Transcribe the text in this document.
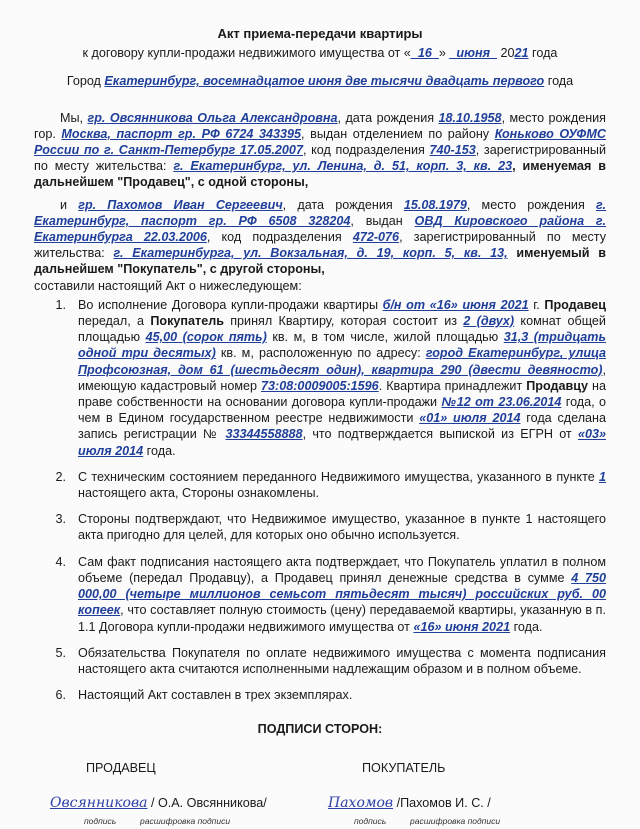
Акт приема-передачи квартиры

к договору купли-продажи недвижимого имущества от «_16_» _июня_ 2021 года

Город Екатеринбург, восемнадцатое июня две тысячи двадцать первого года

Мы, гр. Овсянникова Ольга Александровна, дата рождения 18.10.1958, место рождения гор. Москва, паспорт гр. РФ 6724 343395, выдан отделением по району Коньково ОУФМС России по г. Санкт-Петербург 17.05.2007, код подразделения 740-153, зарегистрированный по месту жительства: г. Екатеринбург, ул. Ленина, д. 51, корп. 3, кв. 23, именуемая в дальнейшем "Продавец", с одной стороны,

и гр. Пахомов Иван Сергеевич, дата рождения 15.08.1979, место рождения г. Екатеринбург, паспорт гр. РФ 6508 328204, выдан ОВД Кировского района г. Екатеринбурга 22.03.2006, код подразделения 472-076, зарегистрированный по месту жительства: г. Екатеринбурга, ул. Вокзальная, д. 19, корп. 5, кв. 13, именуемый в дальнейшем "Покупатель", с другой стороны,
составили настоящий Акт о нижеследующем:

1. Во исполнение Договора купли-продажи квартиры б/н от «16» июня 2021 г. Продавец передал, а Покупатель принял Квартиру, которая состоит из 2 (двух) комнат общей площадью 45,00 (сорок пять) кв. м, в том числе, жилой площадью 31,3 (тридцать одной три десятых) кв. м, расположенную по адресу: город Екатеринбург, улица Профсоюзная, дом 61 (шестьдесят один), квартира 290 (двести девяносто), имеющую кадастровый номер 73:08:0009005:1596. Квартира принадлежит Продавцу на праве собственности на основании договора купли-продажи №12 от 23.06.2014 года, о чем в Едином государственном реестре недвижимости «01» июля 2014 года сделана запись регистрации № 33344558888, что подтверждается выпиской из ЕГРН от «03» июля 2014 года.
2. С техническим состоянием переданного Недвижимого имущества, указанного в пункте 1 настоящего акта, Стороны ознакомлены.
3. Стороны подтверждают, что Недвижимое имущество, указанное в пункте 1 настоящего акта пригодно для целей, для которых оно обычно используется.
4. Сам факт подписания настоящего акта подтверждает, что Покупатель уплатил в полном объеме (передал Продавцу), а Продавец принял денежные средства в сумме 4 750 000,00 (четыре миллионов семьсот пятьдесят тысяч) российских руб. 00 копеек, что составляет полную стоимость (цену) передаваемой квартиры, указанную в п. 1.1 Договора купли-продажи недвижимого имущества от «16» июня 2021 года.
5. Обязательства Покупателя по оплате недвижимого имущества с момента подписания настоящего акта считаются исполненными надлежащим образом и в полном объеме.
6. Настоящий Акт составлен в трех экземплярах.
ПОДПИСИ СТОРОН:
ПРОДАВЕЦ	ПОКУПАТЕЛЬ
Овсянникова / О.А. Овсянникова/	Пахомов /Пахомов И. С. /
подпись	расшифровка подписи	подпись	расшифровка подписи
